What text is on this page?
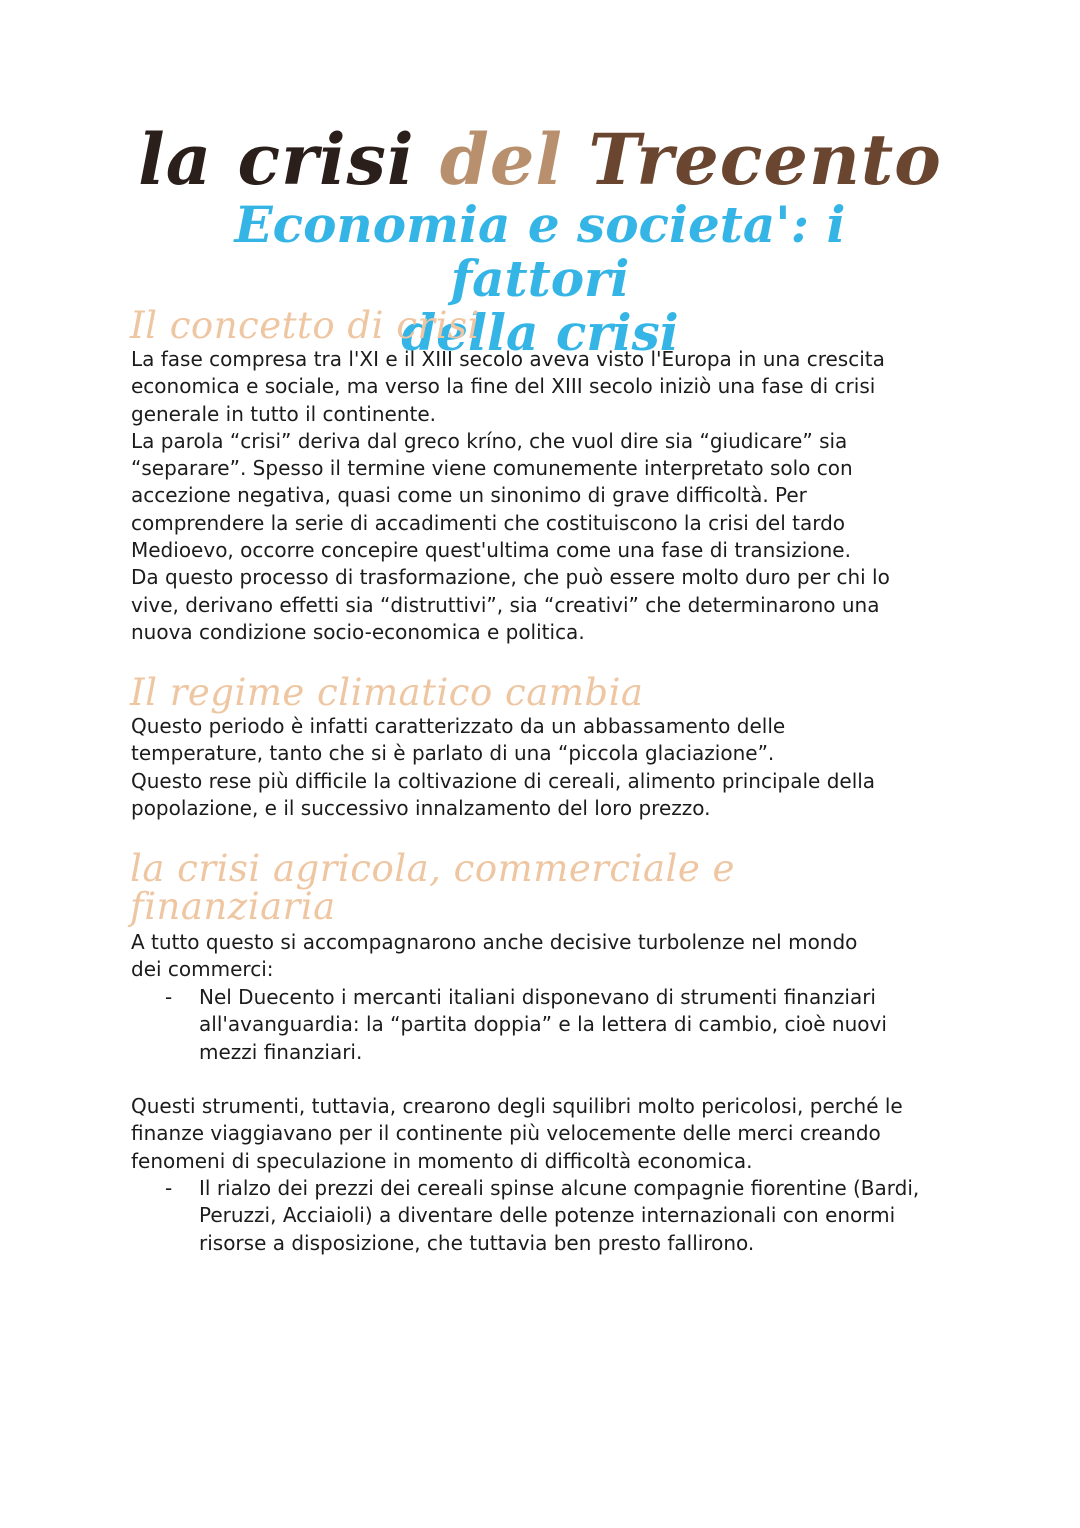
la crisi del Trecento
Economia e societa': i fattori
della crisi
Il concetto di crisi

La fase compresa tra l'XI e il XIII secolo aveva visto l'Europa in una crescita
economica e sociale, ma verso la fine del XIII secolo iniziò una fase di crisi
generale in tutto il continente.
La parola “crisi” deriva dal greco kríno, che vuol dire sia “giudicare” sia
“separare”. Spesso il termine viene comunemente interpretato solo con
accezione negativa, quasi come un sinonimo di grave difficoltà. Per
comprendere la serie di accadimenti che costituiscono la crisi del tardo
Medioevo, occorre concepire quest'ultima come una fase di transizione.
Da questo processo di trasformazione, che può essere molto duro per chi lo
vive, derivano effetti sia “distruttivi”, sia “creativi” che determinarono una
nuova condizione socio-economica e politica.

Il regime climatico cambia

Questo periodo è infatti caratterizzato da un abbassamento delle
temperature, tanto che si è parlato di una “piccola glaciazione”.
Questo rese più difficile la coltivazione di cereali, alimento principale della
popolazione, e il successivo innalzamento del loro prezzo.

la crisi agricola, commerciale e
finanziaria

A tutto questo si accompagnarono anche decisive turbolenze nel mondo
dei commerci:

-	Nel Duecento i mercanti italiani disponevano di strumenti finanziari
all'avanguardia: la “partita doppia” e la lettera di cambio, cioè nuovi
mezzi finanziari.

Questi strumenti, tuttavia, crearono degli squilibri molto pericolosi, perché le
finanze viaggiavano per il continente più velocemente delle merci creando
fenomeni di speculazione in momento di difficoltà economica.

-	Il rialzo dei prezzi dei cereali spinse alcune compagnie fiorentine (Bardi,
Peruzzi, Acciaioli) a diventare delle potenze internazionali con enormi
risorse a disposizione, che tuttavia ben presto fallirono.
